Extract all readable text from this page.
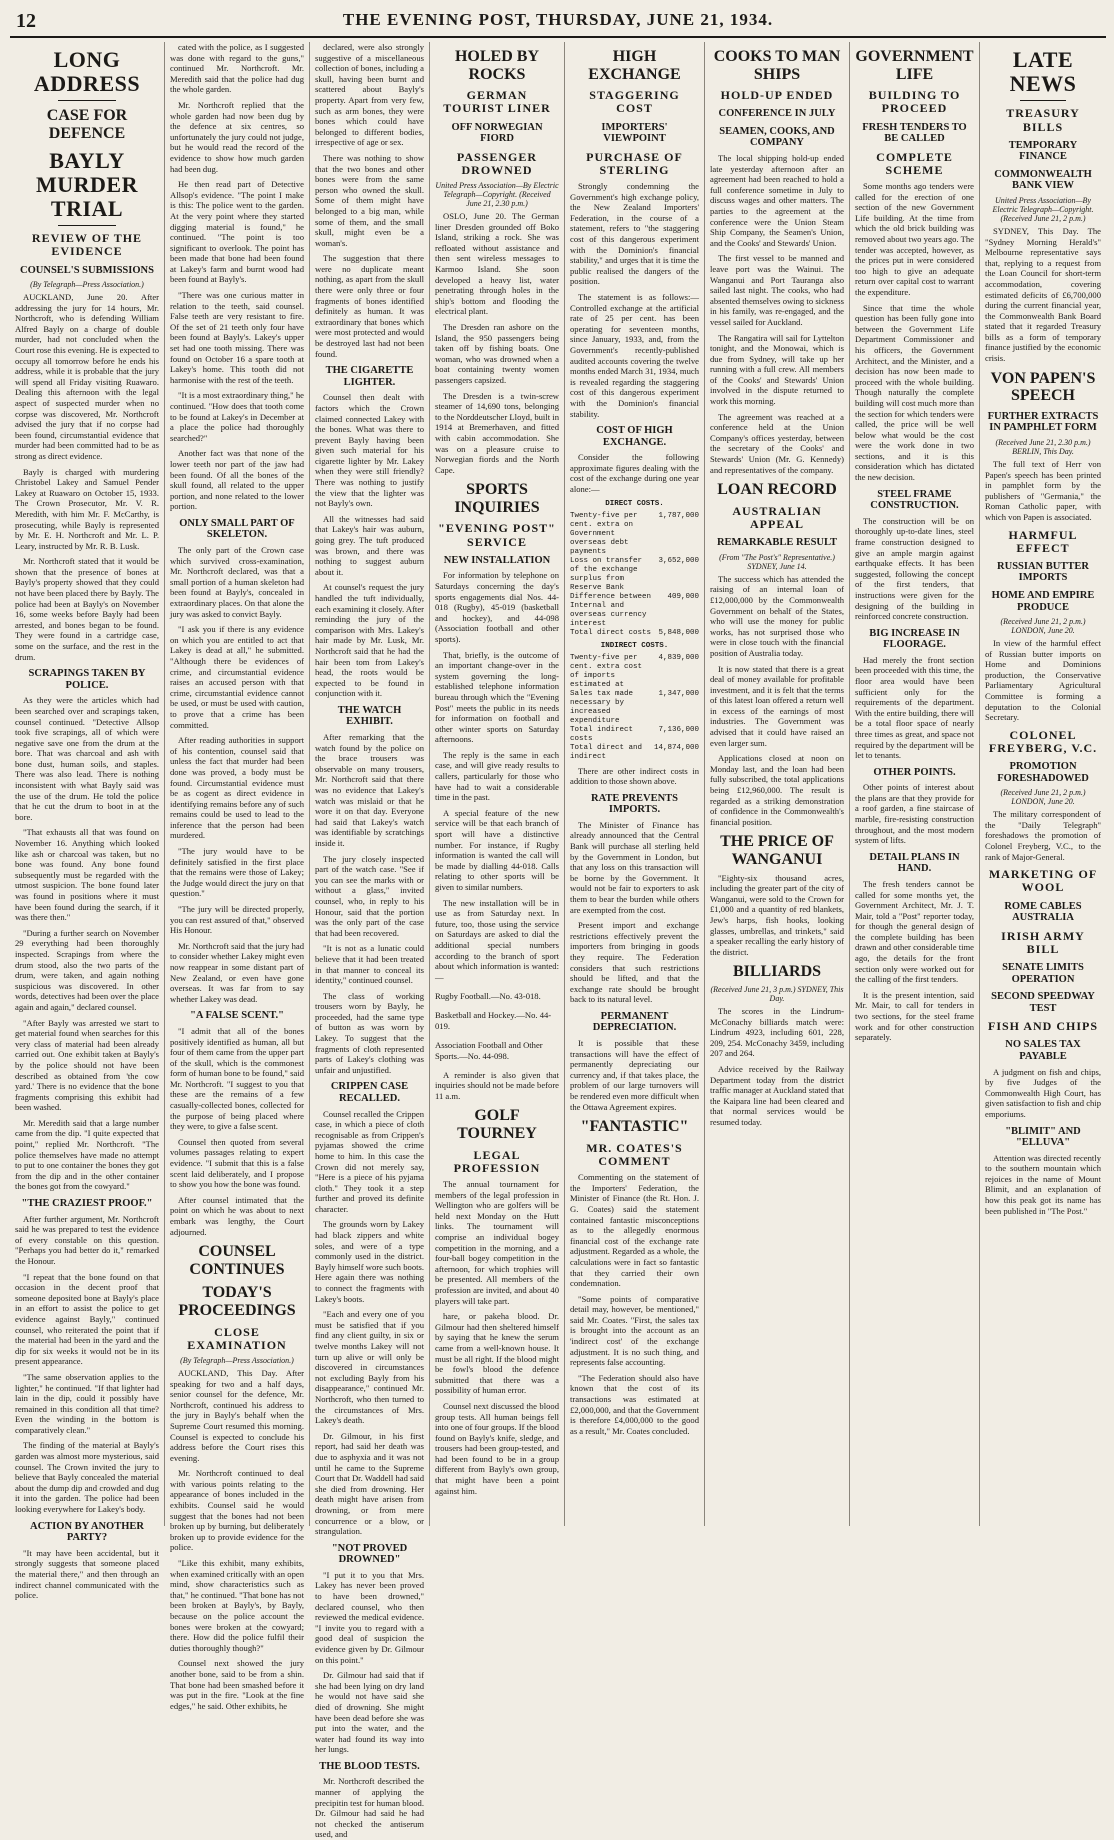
12	THE EVENING POST, THURSDAY, JUNE 21, 1934.
LONG ADDRESS
CASE FOR DEFENCE
BAYLY MURDER TRIAL
REVIEW OF THE EVIDENCE
COUNSEL'S SUBMISSIONS

(By Telegraph—Press Association.)

AUCKLAND, June 20. After addressing the jury for 14 hours, Mr. Northcroft, who is defending William Alfred Bayly on a charge of double murder, had not concluded when the Court rose this evening. He is expected to occupy all tomorrow before he ends his address, while it is probable that the jury will spend all Friday visiting Ruawaro. Dealing this afternoon with the legal aspect of suspected murder when no corpse was discovered, Mr. Northcroft advised the jury that if no corpse had been found, circumstantial evidence that murder had been committed had to be as strong as direct evidence.

Bayly is charged with murdering Christobel Lakey and Samuel Pender Lakey at Ruawaro on October 15, 1933. The Crown Prosecutor, Mr. V. R. Meredith, with him Mr. F. McCarthy, is prosecuting, while Bayly is represented by Mr. E. H. Northcroft and Mr. L. P. Leary, instructed by Mr. R. B. Lusk.

Mr. Northcroft stated that it would be shown that the presence of bones at Bayly's property showed that they could not have been placed there by Bayly. The police had been at Bayly's on November 16, some weeks before Bayly had been arrested, and bones began to be found. They were found in a cartridge case, some on the surface, and the rest in the drum.

SCRAPINGS TAKEN BY POLICE.

As they were the articles which had been searched over and scrapings taken, counsel continued. "Detective Allsop took five scrapings, all of which were negative save one from the drum at the bore. That was charcoal and ash with bone dust, human soils, and staples. There was also lead. There is nothing inconsistent with what Bayly said was the use of the drum. He told the police that he cut the drum to boot in at the bore.

"That exhausts all that was found on November 16. Anything which looked like ash or charcoal was taken, but no bone was found. Any bone found subsequently must be regarded with the utmost suspicion. The bone found later was found in positions where it must have been found during the search, if it was there then."

"During a further search on November 29 everything had been thoroughly inspected. Scrapings from where the drum stood, also the two parts of the drum, were taken, and again nothing suspicious was discovered. In other words, detectives had been over the place again and again," declared counsel.

"After Bayly was arrested we start to get material found when searches for this very class of material had been already carried out. One exhibit taken at Bayly's by the police should not have been described as obtained from 'the cow yard.' There is no evidence that the bone fragments comprising this exhibit had been washed.

Mr. Meredith said that a large number came from the dip. "I quite expected that point," replied Mr. Northcroft. "The police themselves have made no attempt to put to one container the bones they got from the dip and in the other container the bones got from the cowyard."

"THE CRAZIEST PROOF."

After further argument, Mr. Northcroft said he was prepared to test the evidence of every constable on this question. "Perhaps you had better do it," remarked the Honour.

"I repeat that the bone found on that occasion in the decent proof that someone deposited bone at Bayly's place in an effort to assist the police to get evidence against Bayly," continued counsel, who reiterated the point that if the material had been in the yard and the dip for six weeks it would not be in its present appearance.

"The same observation applies to the lighter," he continued. "If that lighter had lain in the dip, could it possibly have remained in this condition all that time? Even the winding in the bottom is comparatively clean."

The finding of the material at Bayly's garden was almost more mysterious, said counsel. The Crown invited the jury to believe that Bayly concealed the material about the dump dip and crowded and dug it into the garden. The police had been looking everywhere for Lakey's body.

ACTION BY ANOTHER PARTY?

"It may have been accidental, but it strongly suggests that someone placed the material there," and then through an indirect channel communicated with the police.

cated with the police, as I suggested was done with regard to the guns," continued Mr. Northcroft. Mr. Meredith said that the police had dug the whole garden.

Mr. Northcroft replied that the whole garden had now been dug by the defence at six centres, so unfortunately the jury could not judge, but he would read the record of the evidence to show how much garden had been dug.

He then read part of Detective Allsop's evidence. "The point I make is this: The police went to the garden. At the very point where they started digging material is found," he continued. "The point is too significant to overlook. The point has been made that bone had been found at Lakey's farm and burnt wood had been found at Bayly's.

"There was one curious matter in relation to the teeth, said counsel. False teeth are very resistant to fire. Of the set of 21 teeth only four have been found at Bayly's. Lakey's upper set had one tooth missing. There was found on October 16 a spare tooth at Lakey's home. This tooth did not harmonise with the rest of the teeth.

"It is a most extraordinary thing," he continued. "How does that tooth come to be found at Lakey's in December at a place the police had thoroughly searched?"

Another fact was that none of the lower teeth nor part of the jaw had been found. Of all the bones of the skull found, all related to the upper portion, and none related to the lower portion.

ONLY SMALL PART OF SKELETON.

The only part of the Crown case which survived cross-examination, Mr. Northcroft declared, was that a small portion of a human skeleton had been found at Bayly's, concealed in extraordinary places. On that alone the jury was asked to convict Bayly.

"I ask you if there is any evidence on which you are entitled to act that Lakey is dead at all," he submitted. "Although there be evidences of crime, and circumstantial evidence raises an accused person with that crime, circumstantial evidence cannot be used, or must be used with caution, to prove that a crime has been committed.

After reading authorities in support of his contention, counsel said that unless the fact that murder had been done was proved, a body must be found. Circumstantial evidence must be as cogent as direct evidence in identifying remains before any of such remains could be used to lead to the inference that the person had been murdered.

"The jury would have to be definitely satisfied in the first place that the remains were those of Lakey; the Judge would direct the jury on that question."

"The jury will be directed properly, you can rest assured of that," observed His Honour.

Mr. Northcroft said that the jury had to consider whether Lakey might even now reappear in some distant part of New Zealand, or even have gone overseas. It was far from to say whether Lakey was dead.

"A FALSE SCENT."

"I admit that all of the bones positively identified as human, all but four of them came from the upper part of the skull, which is the commonest form of human bone to be found," said Mr. Northcroft. "I suggest to you that these are the remains of a few casually-collected bones, collected for the purpose of being placed where they were, to give a false scent.

Counsel then quoted from several volumes passages relating to expert evidence. "I submit that this is a false scent laid deliberately, and I propose to show you how the bone was found.

After counsel intimated that the point on which he was about to next embark was lengthy, the Court adjourned.

COUNSEL CONTINUES
TODAY'S PROCEEDINGS
CLOSE EXAMINATION

(By Telegraph—Press Association.)

AUCKLAND, This Day. After speaking for two and a half days, senior counsel for the defence, Mr. Northcroft, continued his address to the jury in Bayly's behalf when the Supreme Court resumed this morning. Counsel is expected to conclude his address before the Court rises this evening.

Mr. Northcroft continued to deal with various points relating to the appearance of bones included in the exhibits. Counsel said he would suggest that the bones had not been broken up by burning, but deliberately broken up to provide evidence for the police.

"Like this exhibit, many exhibits, when examined critically with an open mind, show characteristics such as that," he continued. "That bone has not been broken at Bayly's, by Bayly, because on the police account the bones were broken at the cowyard; there. How did the police fulfil their duties thoroughly though?"

Counsel next showed the jury another bone, said to be from a shin. That bone had been smashed before it was put in the fire. "Look at the fine edges," he said. Other exhibits, he

declared, were also strongly suggestive of a miscellaneous collection of bones, including a skull, having been burnt and scattered about Bayly's property. Apart from very few, such as arm bones, they were bones which could have belonged to different bodies, irrespective of age or sex.

There was nothing to show that the two bones and other bones were from the same person who owned the skull. Some of them might have belonged to a big man, while some of them, and the small skull, might even be a woman's.

The suggestion that there were no duplicate meant nothing, as apart from the skull there were only three or four fragments of bones identified definitely as human. It was extraordinary that bones which were most protected and would be destroyed last had not been found.

THE CIGARETTE LIGHTER.

Counsel then dealt with factors which the Crown claimed connected Lakey with the bones. What was there to prevent Bayly having been given such material for his cigarette lighter by Mr. Lakey when they were still friendly? There was nothing to justify the view that the lighter was not Bayly's own.

All the witnesses had said that Lakey's hair was auburn, going grey. The tuft produced was brown, and there was nothing to suggest auburn about it.

At counsel's request the jury handled the tuft individually, each examining it closely. After reminding the jury of the comparison with Mrs. Lakey's hair made by Mr. Lusk, Mr. Northcroft said that he had the hair been tom from Lakey's head, the roots would be expected to be found in conjunction with it.

THE WATCH EXHIBIT.

After remarking that the watch found by the police on the brace trousers was observable on many trousers, Mr. Northcroft said that there was no evidence that Lakey's watch was mislaid or that he wore it on that day. Everyone had said that Lakey's watch was identifiable by scratchings inside it.

The jury closely inspected part of the watch case. "See if you can see the marks with or without a glass," invited counsel, who, in reply to his Honour, said that the portion was the only part of the case that had been recovered.

"It is not as a lunatic could believe that it had been treated in that manner to conceal its identity," continued counsel.

The class of working trousers worn by Bayly, he proceeded, had the same type of button as was worn by Lakey. To suggest that the fragments of cloth represented parts of Lakey's clothing was unfair and unjustified.

CRIPPEN CASE RECALLED.

Counsel recalled the Crippen case, in which a piece of cloth recognisable as from Crippen's pyjamas showed the crime home to him. In this case the Crown did not merely say, "Here is a piece of his pyjama cloth." They took it a step further and proved its definite character.

The grounds worn by Lakey had black zippers and white soles, and were of a type commonly used in the district. Bayly himself wore such boots. Here again there was nothing to connect the fragments with Lakey's boots.

"Each and every one of you must be satisfied that if you find any client guilty, in six or twelve months Lakey will not turn up alive or will only be discovered in circumstances not excluding Bayly from his disappearance," continued Mr. Northcroft, who then turned to the circumstances of Mrs. Lakey's death.

Dr. Gilmour, in his first report, had said her death was due to asphyxia and it was not until he came to the Supreme Court that Dr. Waddell had said she died from drowning. Her death might have arisen from drowning, or from mere concurrence or a blow, or strangulation.

"NOT PROVED DROWNED"

"I put it to you that Mrs. Lakey has never been proved to have been drowned," declared counsel, who then reviewed the medical evidence. "I invite you to regard with a good deal of suspicion the evidence given by Dr. Gilmour on this point."

Dr. Gilmour had said that if she had been lying on dry land he would not have said she died of drowning. She might have been dead before she was put into the water, and the water had found its way into her lungs.

THE BLOOD TESTS.

Mr. Northcroft described the manner of applying the precipitin test for human blood. Dr. Gilmour had said he had not checked the antiserum used, and

HOLED BY ROCKS
GERMAN TOURIST LINER
OFF NORWEGIAN FIORD
PASSENGER DROWNED

United Press Association—By Electric Telegraph—Copyright. (Received June 21, 2.30 p.m.)

OSLO, June 20. The German liner Dresden grounded off Boko Island, striking a rock. She was refloated without assistance and then sent wireless messages to Karmoo Island. She soon developed a heavy list, water penetrating through holes in the ship's bottom and flooding the electrical plant.

The Dresden ran ashore on the Island, the 950 passengers being taken off by fishing boats. One woman, who was drowned when a boat containing twenty women passengers capsized.

The Dresden is a twin-screw steamer of 14,690 tons, belonging to the Norddeutscher Lloyd, built in 1914 at Bremerhaven, and fitted with cabin accommodation. She was on a pleasure cruise to Norwegian fiords and the North Cape.

SPORTS INQUIRIES
"EVENING POST" SERVICE
NEW INSTALLATION

For information by telephone on Saturdays concerning the day's sports engagements dial Nos. 44-018 (Rugby), 45-019 (basketball and hockey), and 44-098 (Association football and other sports).

That, briefly, is the outcome of an important change-over in the system governing the long-established telephone information bureau through which the "Evening Post" meets the public in its needs for information on football and other winter sports on Saturday afternoons.

The reply is the same in each case, and will give ready results to callers, particularly for those who have had to wait a considerable time in the past.

A special feature of the new service will be that each branch of sport will have a distinctive number. For instance, if Rugby information is wanted the call will be made by dialling 44-018. Calls relating to other sports will be given to similar numbers.

The new installation will be in use as from Saturday next. In future, too, those using the service on Saturdays are asked to dial the additional special numbers according to the branch of sport about which information is wanted:—

Rugby Football.—No. 43-018.

Basketball and Hockey.—No. 44-019.

Association Football and Other Sports.—No. 44-098.

A reminder is also given that inquiries should not be made before 11 a.m.

GOLF TOURNEY
LEGAL PROFESSION

The annual tournament for members of the legal profession in Wellington who are golfers will be held next Monday on the Hutt links. The tournament will comprise an individual bogey competition in the morning, and a four-ball bogey competition in the afternoon, for which trophies will be presented. All members of the profession are invited, and about 40 players will take part.

hare, or pakeha blood. Dr. Gilmour had then sheltered himself by saying that he knew the serum came from a well-known house. It must be all right. If the blood might be fowl's blood the defence submitted that there was a possibility of human error.

Counsel next discussed the blood group tests. All human beings fell into one of four groups. If the blood found on Bayly's knife, sledge, and trousers had been group-tested, and had been found to be in a group different from Bayly's own group, that might have been a point against him.

HIGH EXCHANGE
STAGGERING COST
IMPORTERS' VIEWPOINT
PURCHASE OF STERLING

Strongly condemning the Government's high exchange policy, the New Zealand Importers' Federation, in the course of a statement, refers to "the staggering cost of this dangerous experiment with the Dominion's financial stability," and urges that it is time the public realised the dangers of the position.

The statement is as follows:— Controlled exchange at the artificial rate of 25 per cent. has been operating for seventeen months, since January, 1933, and, from the Government's recently-published audited accounts covering the twelve months ended March 31, 1934, much is revealed regarding the staggering cost of this dangerous experiment with the Dominion's financial stability.

COST OF HIGH EXCHANGE.

Consider the following approximate figures dealing with the cost of the exchange during one year alone:—

DIRECT COSTS.
Twenty-five per cent. extra on Government overseas debt payments
1,787,000
Loss on transfer of the exchange surplus from Reserve Bank
3,652,000
Difference between Internal and overseas currency interest
409,000
Total direct costs 5,848,000
INDIRECT COSTS.
Twenty-five per cent. extra cost of imports estimated at
4,839,000
Sales tax made necessary by increased expenditure
1,347,000
Total indirect costs
7,136,000
Total direct and indirect
14,874,000

There are other indirect costs in addition to those shown above.

RATE PREVENTS IMPORTS.

The Minister of Finance has already announced that the Central Bank will purchase all sterling held by the Government in London, but that any loss on this transaction will be borne by the Government. It would not be fair to exporters to ask them to bear the burden while others are exempted from the cost.

Present import and exchange restrictions effectively prevent the importers from bringing in goods they require. The Federation considers that such restrictions should be lifted, and that the exchange rate should be brought back to its natural level.

PERMANENT DEPRECIATION.

It is possible that these transactions will have the effect of permanently depreciating our currency and, if that takes place, the problem of our large turnovers will be rendered even more difficult when the Ottawa Agreement expires.

"FANTASTIC"
MR. COATES'S COMMENT

Commenting on the statement of the Importers' Federation, the Minister of Finance (the Rt. Hon. J. G. Coates) said the statement contained fantastic misconceptions as to the allegedly enormous financial cost of the exchange rate adjustment. Regarded as a whole, the calculations were in fact so fantastic that they carried their own condemnation.

"Some points of comparative detail may, however, be mentioned," said Mr. Coates. "First, the sales tax is brought into the account as an 'indirect cost' of the exchange adjustment. It is no such thing, and represents false accounting.

"The Federation should also have known that the cost of its transactions was estimated at £2,000,000, and that the Government is therefore £4,000,000 to the good as a result," Mr. Coates concluded.

COOKS TO MAN SHIPS
HOLD-UP ENDED
CONFERENCE IN JULY
SEAMEN, COOKS, AND COMPANY

The local shipping hold-up ended late yesterday afternoon after an agreement had been reached to hold a full conference sometime in July to discuss wages and other matters. The parties to the agreement at the conference were the Union Steam Ship Company, the Seamen's Union, and the Cooks' and Stewards' Union.

The first vessel to be manned and leave port was the Wainui. The Wanganui and Port Tauranga also sailed last night. The cooks, who had absented themselves owing to sickness in his family, was re-engaged, and the vessel sailed for Auckland.

The Rangatira will sail for Lyttelton tonight, and the Monowai, which is due from Sydney, will take up her running with a full crew. All members of the Cooks' and Stewards' Union involved in the dispute returned to work this morning.

The agreement was reached at a conference held at the Union Company's offices yesterday, between the secretary of the Cooks' and Stewards' Union (Mr. G. Kennedy) and representatives of the company.

LOAN RECORD
AUSTRALIAN APPEAL
REMARKABLE RESULT

(From "The Post's" Representative.) SYDNEY, June 14.

The success which has attended the raising of an internal loan of £12,000,000 by the Commonwealth Government on behalf of the States, who will use the money for public works, has not surprised those who were in close touch with the financial position of Australia today.

It is now stated that there is a great deal of money available for profitable investment, and it is felt that the terms of this latest loan offered a return well in excess of the earnings of most industries. The Government was advised that it could have raised an even larger sum.

Applications closed at noon on Monday last, and the loan had been fully subscribed, the total applications being £12,960,000. The result is regarded as a striking demonstration of confidence in the Commonwealth's financial position.

THE PRICE OF WANGANUI

"Eighty-six thousand acres, including the greater part of the city of Wanganui, were sold to the Crown for £1,000 and a quantity of red blankets, Jew's harps, fish hooks, looking glasses, umbrellas, and trinkets," said a speaker recalling the early history of the district.

BILLIARDS

(Received June 21, 3 p.m.) SYDNEY, This Day.

The scores in the Lindrum-McConachy billiards match were: Lindrum 4923, including 601, 228, 209, 254. McConachy 3459, including 207 and 264.

Advice received by the Railway Department today from the district traffic manager at Auckland stated that the Kaipara line had been cleared and that normal services would be resumed today.

GOVERNMENT LIFE
BUILDING TO PROCEED
FRESH TENDERS TO BE CALLED
COMPLETE SCHEME

Some months ago tenders were called for the erection of one section of the new Government Life building. At the time from which the old brick building was removed about two years ago. The tender was accepted, however, as the prices put in were considered too high to give an adequate return over capital cost to warrant the expenditure.

Since that time the whole question has been fully gone into between the Government Life Department Commissioner and his officers, the Government Architect, and the Minister, and a decision has now been made to proceed with the whole building. Though naturally the complete building will cost much more than the section for which tenders were called, the price will be well below what would be the cost were the work done in two sections, and it is this consideration which has dictated the new decision.

STEEL FRAME CONSTRUCTION.

The construction will be on thoroughly up-to-date lines, steel frame construction designed to give an ample margin against earthquake effects. It has been suggested, following the concept of the first tenders, that instructions were given for the designing of the building in reinforced concrete construction.

BIG INCREASE IN FLOORAGE.

Had merely the front section been proceeded with this time, the floor area would have been sufficient only for the requirements of the department. With the entire building, there will be a total floor space of nearly three times as great, and space not required by the department will be let to tenants.

OTHER POINTS.

Other points of interest about the plans are that they provide for a roof garden, a fine staircase of marble, fire-resisting construction throughout, and the most modern system of lifts.

DETAIL PLANS IN HAND.

The fresh tenders cannot be called for some months yet, the Government Architect, Mr. J. T. Mair, told a "Post" reporter today, for though the general design of the complete building has been drawn and other considerable time ago, the details for the front section only were worked out for the calling of the first tenders.

It is the present intention, said Mr. Mair, to call for tenders in two sections, for the steel frame work and for other construction separately.

LATE NEWS
TREASURY BILLS
TEMPORARY FINANCE
COMMONWEALTH BANK VIEW

United Press Association—By Electric Telegraph—Copyright. (Received June 21, 2 p.m.)

SYDNEY, This Day. The "Sydney Morning Herald's" Melbourne representative says that, replying to a request from the Loan Council for short-term accommodation, covering estimated deficits of £6,700,000 during the current financial year, the Commonwealth Bank Board stated that it regarded Treasury bills as a form of temporary finance justified by the economic crisis.

VON PAPEN'S SPEECH
FURTHER EXTRACTS IN PAMPHLET FORM

(Received June 21, 2.30 p.m.) BERLIN, This Day.

The full text of Herr von Papen's speech has been printed in pamphlet form by the publishers of "Germania," the Roman Catholic paper, with which von Papen is associated.

HARMFUL EFFECT
RUSSIAN BUTTER IMPORTS
HOME AND EMPIRE PRODUCE

(Received June 21, 2 p.m.) LONDON, June 20.

In view of the harmful effect of Russian butter imports on Home and Dominions production, the Conservative Parliamentary Agricultural Committee is forming a deputation to the Colonial Secretary.

COLONEL FREYBERG, V.C.
PROMOTION FORESHADOWED

(Received June 21, 2 p.m.) LONDON, June 20.

The military correspondent of the "Daily Telegraph" foreshadows the promotion of Colonel Freyberg, V.C., to the rank of Major-General.

MARKETING OF WOOL
ROME CABLES AUSTRALIA
IRISH ARMY BILL
SENATE LIMITS OPERATION
SECOND SPEEDWAY TEST
FISH AND CHIPS
NO SALES TAX PAYABLE

A judgment on fish and chips, by five Judges of the Commonwealth High Court, has given satisfaction to fish and chip emporiums.

"BLIMIT" AND "ELLUVA"

Attention was directed recently to the southern mountain which rejoices in the name of Mount Blimit, and an explanation of how this peak got its name has been published in "The Post."
